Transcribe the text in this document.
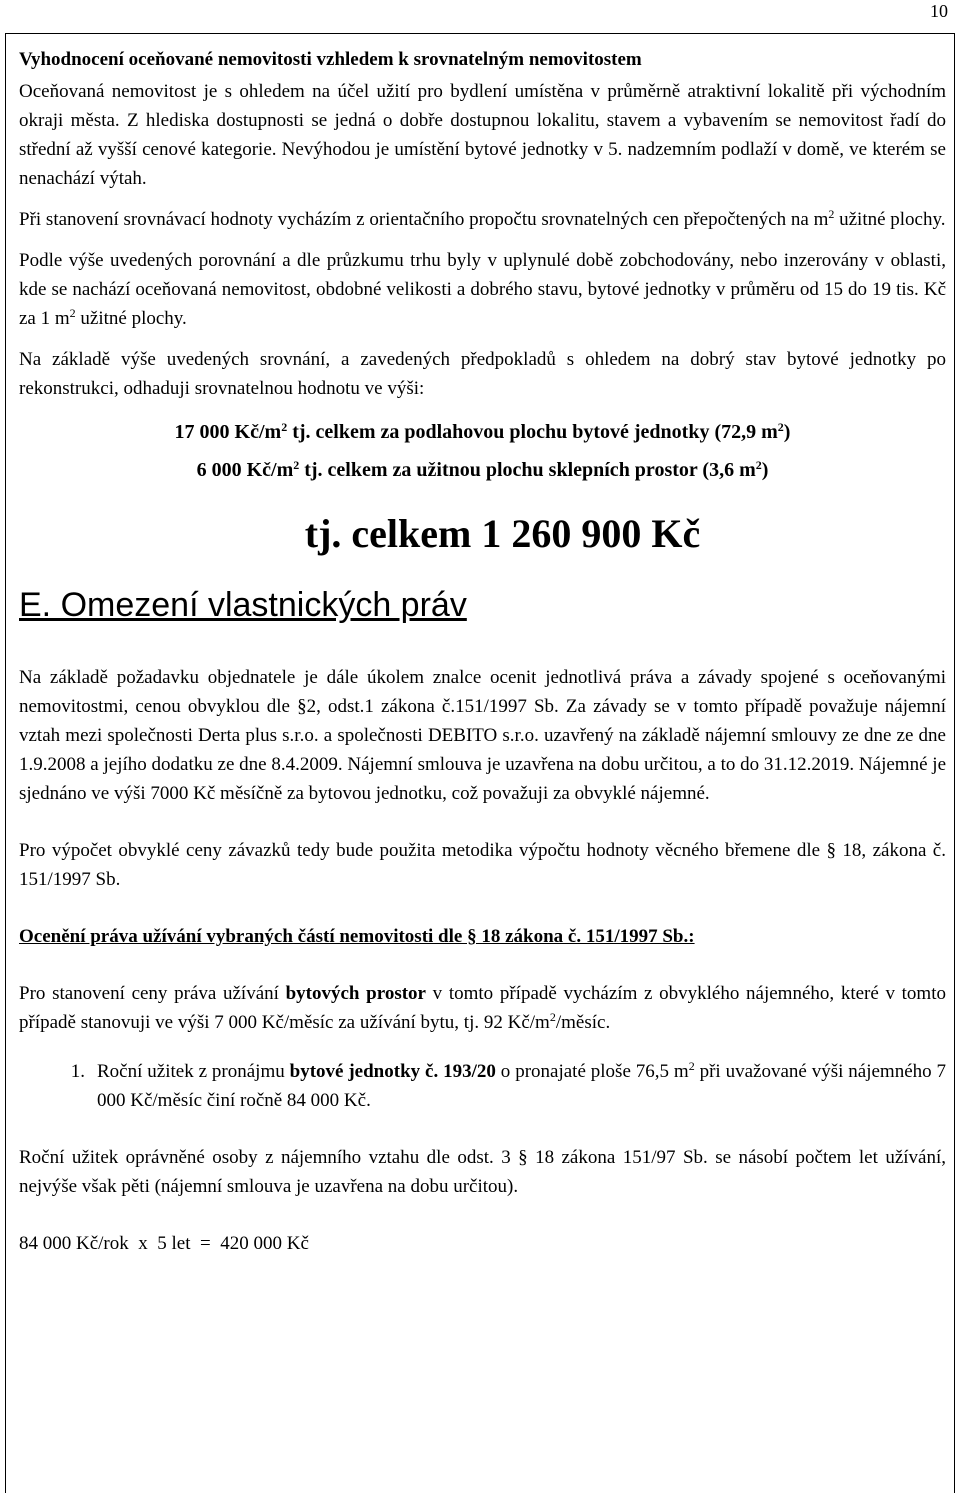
10

Vyhodnocení oceňované nemovitosti vzhledem k srovnatelným nemovitostem

Oceňovaná nemovitost je s ohledem na účel užití pro bydlení umístěna v průměrně atraktivní lokalitě při východním okraji města. Z hlediska dostupnosti se jedná o dobře dostupnou lokalitu, stavem a vybavením se nemovitost řadí do střední až vyšší cenové kategorie. Nevýhodou je umístění bytové jednotky v 5. nadzemním podlaží v domě, ve kterém se nenachází výtah.

Při stanovení srovnávací hodnoty vycházím z orientačního propočtu srovnatelných cen přepočtených na $m^2$ užitné plochy.

Podle výše uvedených porovnání a dle průzkumu trhu byly v uplynulé době zobchodovány, nebo inzerovány v oblasti, kde se nachází oceňovaná nemovitost, obdobné velikosti a dobrého stavu, bytové jednotky v průměru od 15 do 19 tis. Kč za 1 $m^2$ užitné plochy.

Na základě výše uvedených srovnání, a zavedených předpokladů s ohledem na dobrý stav bytové jednotky po rekonstrukci, odhaduji srovnatelnou hodnotu ve výši:

17 000 $Kč/m^2$ tj. celkem za podlahovou plochu bytové jednotky (72,9 $m^2$)

6 000 $Kč/m^2$ tj. celkem za užitnou plochu sklepních prostor (3,6 $m^2$)

tj. celkem 1 260 900 Kč

E. Omezení vlastnických práv

Na základě požadavku objednatele je dále úkolem znalce ocenit jednotlivá práva a závady spojené s oceňovanými nemovitostmi, cenou obvyklou dle §2, odst.1 zákona č.151/1997 Sb. Za závady se v tomto případě považuje nájemní vztah mezi společnosti Derta plus s.r.o. a společnosti DEBITO s.r.o. uzavřený na základě nájemní smlouvy ze dne ze dne 1.9.2008 a jejího dodatku ze dne 8.4.2009. Nájemní smlouva je uzavřena na dobu určitou, a to do 31.12.2019. Nájemné je sjednáno ve výši 7000 Kč měsíčně za bytovou jednotku, což považuji za obvyklé nájemné.

Pro výpočet obvyklé ceny závazků tedy bude použita metodika výpočtu hodnoty věcného břemene dle § 18, zákona č. 151/1997 Sb.

Ocenění práva užívání vybraných částí nemovitosti dle § 18 zákona č. 151/1997 Sb.:

Pro stanovení ceny práva užívání bytových prostor v tomto případě vycházím z obvyklého nájemného, které v tomto případě stanovuji ve výši 7 000 Kč/měsíc za užívání bytu, tj. 92 $Kč/m^2$/měsíc.

1. Roční užitek z pronájmu bytové jednotky č. 193/20 o pronajaté ploše 76,5 $m^2$ při uvažované výši nájemného 7 000 Kč/měsíc činí ročně 84 000 Kč.

Roční užitek oprávněné osoby z nájemního vztahu dle odst. 3 § 18 zákona 151/97 Sb. se násobí počtem let užívání, nejvýše však pěti (nájemní smlouva je uzavřena na dobu určitou).

84 000 Kč/rok  x  5 let  =  420 000 Kč
